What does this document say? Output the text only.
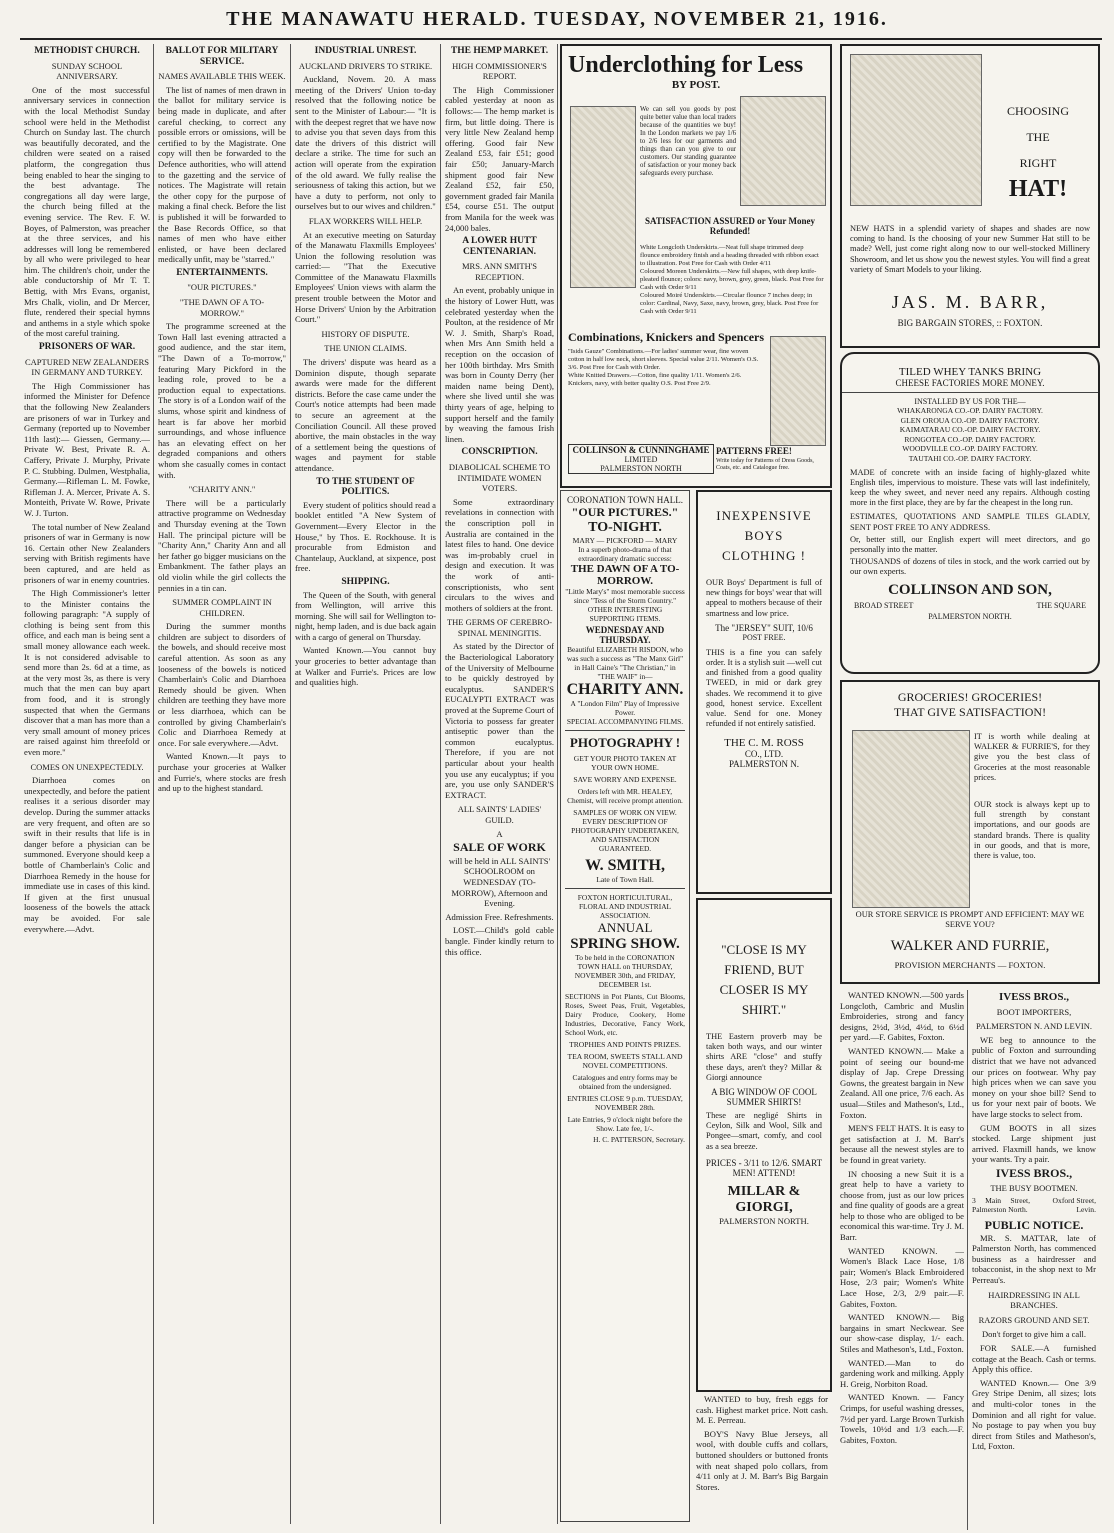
THE MANAWATU HERALD. TUESDAY, NOVEMBER 21, 1916.
METHODIST CHURCH.
SUNDAY SCHOOL ANNIVERSARY.

One of the most successful anniversary services in connection with the local Methodist Sunday school were held in the Methodist Church on Sunday last. The church was beautifully decorated, and the children were seated on a raised platform, the congregation thus being enabled to hear the singing to the best advantage. The congregations all day were large, the church being filled at the evening service. The Rev. F. W. Boyes, of Palmerston, was preacher at the three services, and his addresses will long be remembered by all who were privileged to hear him. The children's choir, under the able conductorship of Mr T. T. Bettig, with Mrs Evans, organist, Mrs Chalk, violin, and Dr Mercer, flute, rendered their special hymns and anthems in a style which spoke of the most careful training.

PRISONERS OF WAR.
CAPTURED NEW ZEALANDERS IN GERMANY AND TURKEY.

The High Commissioner has informed the Minister for Defence that the following New Zealanders are prisoners of war in Turkey and Germany (reported up to November 11th last):— Giessen, Germany.—Private W. Best, Private R. A. Caffery, Private J. Murphy, Private P. C. Stubbing. Dulmen, Westphalia, Germany.—Rifleman L. M. Fowke, Rifleman J. A. Mercer, Private A. S. Monteith, Private W. Rowe, Private W. J. Turton.

The total number of New Zealand prisoners of war in Germany is now 16. Certain other New Zealanders serving with British regiments have been captured, and are held as prisoners of war in enemy countries.

The High Commissioner's letter to the Minister contains the following paragraph: "A supply of clothing is being sent from this office, and each man is being sent a small money allowance each week. It is not considered advisable to send more than 2s. 6d at a time, as at the very most 3s, as there is very much that the men can buy apart from food, and it is strongly suspected that when the Germans discover that a man has more than a very small amount of money prices are raised against him threefold or even more."

COMES ON UNEXPECTEDLY.

Diarrhoea comes on unexpectedly, and before the patient realises it a serious disorder may develop. During the summer attacks are very frequent, and often are so swift in their results that life is in danger before a physician can be summoned. Everyone should keep a bottle of Chamberlain's Colic and Diarrhoea Remedy in the house for immediate use in cases of this kind. If given at the first unusual looseness of the bowels the attack may be avoided. For sale everywhere.—Advt.

BALLOT FOR MILITARY SERVICE.
NAMES AVAILABLE THIS WEEK.

The list of names of men drawn in the ballot for military service is being made in duplicate, and after careful checking, to correct any possible errors or omissions, will be certified to by the Magistrate. One copy will then be forwarded to the Defence authorities, who will attend to the gazetting and the service of notices. The Magistrate will retain the other copy for the purpose of making a final check. Before the list is published it will be forwarded to the Base Records Office, so that names of men who have either enlisted, or have been declared medically unfit, may be "starred."

ENTERTAINMENTS.
"OUR PICTURES."
"THE DAWN OF A TO-MORROW."

The programme screened at the Town Hall last evening attracted a good audience, and the star item, "The Dawn of a To-morrow," featuring Mary Pickford in the leading role, proved to be a production equal to expectations. The story is of a London waif of the slums, whose spirit and kindness of heart is far above her morbid surroundings, and whose influence has an elevating effect on her degraded companions and others whom she casually comes in contact with.

"CHARITY ANN."

There will be a particularly attractive programme on Wednesday and Thursday evening at the Town Hall. The principal picture will be "Charity Ann," Charity Ann and all her father go bigger musicians on the Embankment. The father plays an old violin while the girl collects the pennies in a tin can.

SUMMER COMPLAINT IN CHILDREN.

During the summer months children are subject to disorders of the bowels, and should receive most careful attention. As soon as any looseness of the bowels is noticed Chamberlain's Colic and Diarrhoea Remedy should be given. When children are teething they have more or less diarrhoea, which can be controlled by giving Chamberlain's Colic and Diarrhoea Remedy at once. For sale everywhere.—Advt.

Wanted Known.—It pays to purchase your groceries at Walker and Furrie's, where stocks are fresh and up to the highest standard.

INDUSTRIAL UNREST.
AUCKLAND DRIVERS TO STRIKE.

Auckland, Novem. 20. A mass meeting of the Drivers' Union to-day resolved that the following notice be sent to the Minister of Labour:— "It is with the deepest regret that we have now to advise you that seven days from this date the drivers of this district will declare a strike. The time for such an action will operate from the expiration of the old award. We fully realise the seriousness of taking this action, but we have a duty to perform, not only to ourselves but to our wives and children."

FLAX WORKERS WILL HELP.

At an executive meeting on Saturday of the Manawatu Flaxmills Employees' Union the following resolution was carried:— "That the Executive Committee of the Manawatu Flaxmills Employees' Union views with alarm the present trouble between the Motor and Horse Drivers' Union by the Arbitration Court."

HISTORY OF DISPUTE.
THE UNION CLAIMS.

The drivers' dispute was heard as a Dominion dispute, though separate awards were made for the different districts. Before the case came under the Court's notice attempts had been made to secure an agreement at the Conciliation Council. All these proved abortive, the main obstacles in the way of a settlement being the questions of wages and payment for stable attendance.

TO THE STUDENT OF POLITICS.

Every student of politics should read a booklet entitled "A New System of Government—Every Elector in the House," by Thos. E. Rockhouse. It is procurable from Edmiston and Chantelaup, Auckland, at sixpence, post free.

SHIPPING.

The Queen of the South, with general from Wellington, will arrive this morning. She will sail for Wellington to-night, hemp laden, and is due back again with a cargo of general on Thursday.

Wanted Known.—You cannot buy your groceries to better advantage than at Walker and Furrie's. Prices are low and qualities high.

THE HEMP MARKET.
HIGH COMMISSIONER'S REPORT.

The High Commissioner cabled yesterday at noon as follows:— The hemp market is firm, but little doing. There is very little New Zealand hemp offering. Good fair New Zealand £53, fair £51; good fair £50; January-March shipment good fair New Zealand £52, fair £50, government graded fair Manila £54, course £51. The output from Manila for the week was 24,000 bales.

A LOWER HUTT CENTENARIAN.
MRS. ANN SMITH'S RECEPTION.

An event, probably unique in the history of Lower Hutt, was celebrated yesterday when the Poulton, at the residence of Mr W. J. Smith, Sharp's Road, when Mrs Ann Smith held a reception on the occasion of her 100th birthday. Mrs Smith was born in County Derry (her maiden name being Dent), where she lived until she was thirty years of age, helping to support herself and the family by weaving the famous Irish linen.

CONSCRIPTION.
DIABOLICAL SCHEME TO INTIMIDATE WOMEN VOTERS.

Some extraordinary revelations in connection with the conscription poll in Australia are contained in the latest files to hand. One device was im-probably cruel in design and execution. It was the work of anti-conscriptionists, who sent circulars to the wives and mothers of soldiers at the front.

THE GERMS OF CEREBRO-SPINAL MENINGITIS.

As stated by the Director of the Bacteriological Laboratory of the University of Melbourne to be quickly destroyed by eucalyptus. SANDER'S EUCALYPTI EXTRACT was proved at the Supreme Court of Victoria to possess far greater antiseptic power than the common eucalyptus. Therefore, if you are not particular about your health you use any eucalyptus; if you are, you use only SANDER'S EXTRACT.

ALL SAINTS' LADIES' GUILD.

A

SALE OF WORK

will be held in ALL SAINTS' SCHOOLROOM on WEDNESDAY (TO-MORROW), Afternoon and Evening.

Admission Free. Refreshments.

LOST.—Child's gold cable bangle. Finder kindly return to this office.

Underclothing for Less
BY POST.
We can sell you goods by post quite better value than local traders because of the quantities we buy! In the London markets we pay 1/6 to 2/6 less for our garments and things than can you give to our customers. Our standing guarantee of satisfaction or your money back safeguards every purchase.
SATISFACTION ASSURED or Your Money Refunded!
White Longcloth Underskirts.—Neat full shape trimmed deep flounce embroidery finish and a heading threaded with ribbon exact to illustration. Post Free for Cash with Order 4/11
Coloured Moreen Underskirts.—New full shapes, with deep knife-pleated flounce; colors: navy, brown, grey, green, black. Post Free for Cash with Order 9/11
Coloured Moiré Underskirts.—Circular flounce 7 inches deep; in color: Cardinal, Navy, Saxe, navy, brown, grey, black. Post Free for Cash with Order 9/11
Combinations, Knickers and Spencers
"Isids Gauze" Combinations.—For ladies' summer wear, fine woven cotton in half low neck, short sleeves. Special value 2/11. Women's O.S. 3/6. Post Free for Cash with Order.
White Knitted Drawers.—Cotton, fine quality 1/11. Women's 2/6. Knickers, navy, with better quality O.S. Post Free 2/9.
PATTERNS FREE!
Write today for Patterns of Dress Goods, Coats, etc. and Catalogue free.
COLLINSON & CUNNINGHAME
LIMITED
PALMERSTON NORTH
CHOOSING
THE
RIGHT
HAT!
NEW HATS in a splendid variety of shapes and shades are now coming to hand. Is the choosing of your new Summer Hat still to be made? Well, just come right along now to our well-stocked Millinery Showroom, and let us show you the newest styles. You will find a great variety of Smart Models to your liking.
JAS. M. BARR,
BIG BARGAIN STORES, :: FOXTON.
TILED WHEY TANKS BRING
CHEESE FACTORIES MORE MONEY.
INSTALLED BY US FOR THE—
WHAKARONGA CO.-OP. DAIRY FACTORY.
GLEN OROUA CO.-OP. DAIRY FACTORY.
KAIMATARAU CO.-OP. DAIRY FACTORY.
RONGOTEA CO.-OP. DAIRY FACTORY.
WOODVILLE CO.-OP. DAIRY FACTORY.
TAUTAHI CO.-OP. DAIRY FACTORY.
MADE of concrete with an inside facing of highly-glazed white English tiles, impervious to moisture. These vats will last indefinitely, keep the whey sweet, and never need any repairs. Although costing more in the first place, they are by far the cheapest in the long run.
ESTIMATES, QUOTATIONS AND SAMPLE TILES GLADLY, SENT POST FREE TO ANY ADDRESS.
Or, better still, our English expert will meet directors, and go personally into the matter.
THOUSANDS of dozens of tiles in stock, and the work carried out by our own experts.
COLLINSON AND SON,
BROAD STREET	THE SQUARE
PALMERSTON NORTH.
CORONATION TOWN HALL.
"OUR PICTURES."
TO-NIGHT.
MARY — PICKFORD — MARY
In a superb photo-drama of that extraordinary dramatic success:
THE DAWN OF A TO-MORROW.
"Little Mary's" most memorable success since "Tess of the Storm Country."
OTHER INTERESTING SUPPORTING ITEMS.
WEDNESDAY AND THURSDAY.
Beautiful ELIZABETH RISDON, who was such a success as "The Manx Girl" in Hall Caine's "The Christian," in "THE WAIF" in—
CHARITY ANN.
A "London Film" Play of Impressive Power.
SPECIAL ACCOMPANYING FILMS.
PHOTOGRAPHY !
GET YOUR PHOTO TAKEN AT YOUR OWN HOME.
SAVE WORRY AND EXPENSE.
Orders left with MR. HEALEY, Chemist, will receive prompt attention.
SAMPLES OF WORK ON VIEW. EVERY DESCRIPTION OF PHOTOGRAPHY UNDERTAKEN, AND SATISFACTION GUARANTEED.
W. SMITH,
Late of Town Hall.
FOXTON HORTICULTURAL, FLORAL AND INDUSTRIAL ASSOCIATION.
ANNUAL
SPRING SHOW.
To be held in the CORONATION TOWN HALL on THURSDAY, NOVEMBER 30th, and FRIDAY, DECEMBER 1st.
SECTIONS in Pot Plants, Cut Blooms, Roses, Sweet Peas, Fruit, Vegetables, Dairy Produce, Cookery, Home Industries, Decorative, Fancy Work, School Work, etc.
TROPHIES AND POINTS PRIZES.
TEA ROOM, SWEETS STALL AND NOVEL COMPETITIONS.
Catalogues and entry forms may be obtained from the undersigned.
ENTRIES CLOSE 9 p.m. TUESDAY, NOVEMBER 28th.
Late Entries, 9 o'clock night before the Show. Late fee, 1/-.
H. C. PATTERSON, Secretary.
INEXPENSIVE
BOYS
CLOTHING !
OUR Boys' Department is full of new things for boys' wear that will appeal to mothers because of their smartness and low price.
The "JERSEY" SUIT, 10/6
POST FREE.
THIS is a fine you can safely order. It is a stylish suit —well cut and finished from a good quality TWEED, in mid or dark grey shades. We recommend it to give good, honest service. Excellent value. Send for one. Money refunded if not entirely satisfied.
THE C. M. ROSS
CO., LTD.
PALMERSTON N.
"CLOSE IS MY FRIEND, BUT CLOSER IS MY SHIRT."
THE Eastern proverb may be taken both ways, and our winter shirts ARE "close" and stuffy these days, aren't they? Millar & Giorgi announce
A BIG WINDOW OF COOL SUMMER SHIRTS!
These are negligé Shirts in Ceylon, Silk and Wool, Silk and Pongee—smart, comfy, and cool as a sea breeze.
PRICES - 3/11 to 12/6. SMART MEN! ATTEND!
MILLAR & GIORGI,
PALMERSTON NORTH.
GROCERIES! GROCERIES!
THAT GIVE SATISFACTION!
IT is worth while dealing at WALKER & FURRIE'S, for they give you the best class of Groceries at the most reasonable prices.
OUR stock is always kept up to full strength by constant importations, and our goods are standard brands. There is quality in our goods, and that is more, there is value, too.
OUR STORE SERVICE IS PROMPT AND EFFICIENT: MAY WE SERVE YOU?
WALKER AND FURRIE,
PROVISION MERCHANTS — FOXTON.

WANTED to buy, fresh eggs for cash. Highest market price. Nott cash. M. E. Perreau.

BOY'S Navy Blue Jerseys, all wool, with double cuffs and collars, buttoned shoulders or buttoned fronts with neat shaped polo collars, from 4/11 only at J. M. Barr's Big Bargain Stores.

WANTED KNOWN.—500 yards Longcloth, Cambric and Muslin Embroideries, strong and fancy designs, 2½d, 3½d, 4½d, to 6½d per yard.—F. Gabites, Foxton.

WANTED KNOWN.— Make a point of seeing our bound-me display of Jap. Crepe Dressing Gowns, the greatest bargain in New Zealand. All one price, 7/6 each. As usual—Stiles and Matheson's, Ltd., Foxton.

MEN'S FELT HATS. It is easy to get satisfaction at J. M. Barr's because all the newest styles are to be found in great variety.

IN choosing a new Suit it is a great help to have a variety to choose from, just as our low prices and fine quality of goods are a great help to those who are obliged to be economical this war-time. Try J. M. Barr.

WANTED KNOWN. — Women's Black Lace Hose, 1/8 pair; Women's Black Embroidered Hose, 2/3 pair; Women's White Lace Hose, 2/3, 2/9 pair.—F. Gabites, Foxton.

WANTED KNOWN.— Big bargains in smart Neckwear. See our show-case display, 1/- each. Stiles and Matheson's, Ltd., Foxton.

WANTED.—Man to do gardening work and milking. Apply H. Greig, Norbiton Road.

WANTED Known. — Fancy Crimps, for useful washing dresses, 7½d per yard. Large Brown Turkish Towels, 10½d and 1/3 each.—F. Gabites, Foxton.

IVESS BROS.,
BOOT IMPORTERS,
PALMERSTON N. AND LEVIN.

WE beg to announce to the public of Foxton and surrounding district that we have not advanced our prices on footwear. Why pay high prices when we can save you money on your shoe bill? Send to us for your next pair of boots. We have large stocks to select from.

GUM BOOTS in all sizes stocked. Large shipment just arrived. Flaxmill hands, we know your wants. Try a pair.

IVESS BROS.,
THE BUSY BOOTMEN.
3 Main Street, Palmerston North.
Oxford Street, Levin.
PUBLIC NOTICE.

MR. S. MATTAR, late of Palmerston North, has commenced business as a hairdresser and tobacconist, in the shop next to Mr Perreau's.

HAIRDRESSING IN ALL BRANCHES.
RAZORS GROUND AND SET.
Don't forget to give him a call.

FOR SALE.—A furnished cottage at the Beach. Cash or terms. Apply this office.

WANTED Known.— One 3/9 Grey Stripe Denim, all sizes; lots and multi-color tones in the Dominion and all right for value. No postage to pay when you buy direct from Stiles and Matheson's, Ltd, Foxton.
